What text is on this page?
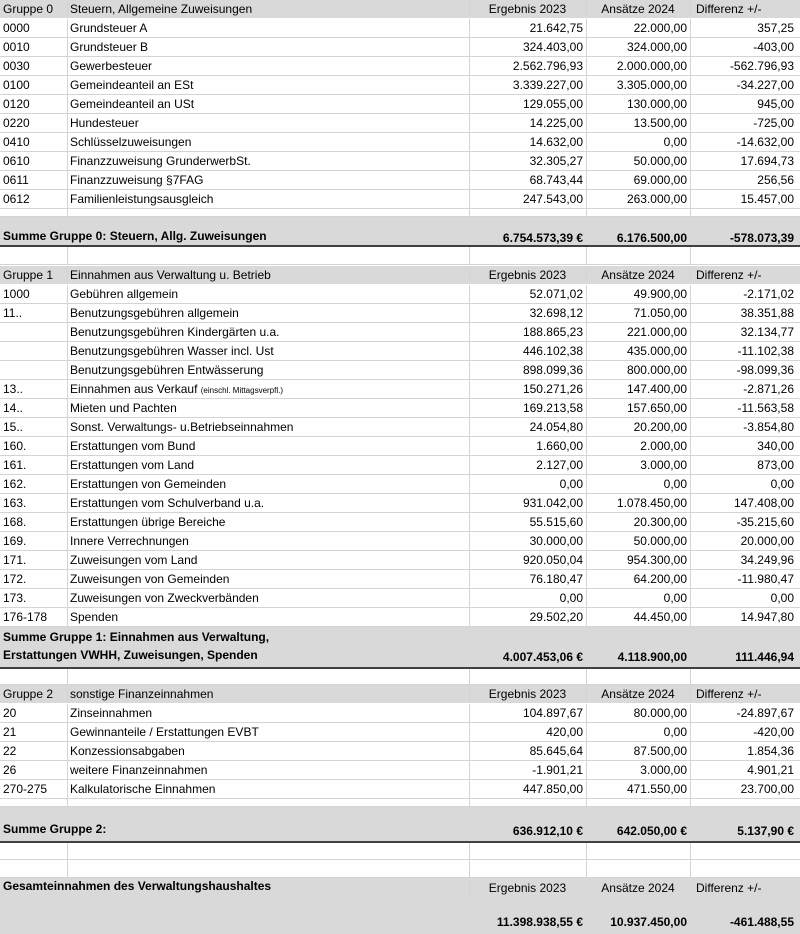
Gruppe 0	Steuern, Allgemeine Zuweisungen	Ergebnis 2023	Ansätze 2024	Differenz +/-
0000	Grundsteuer A	21.642,75	22.000,00	357,25
0010	Grundsteuer B	324.403,00	324.000,00	-403,00
0030	Gewerbesteuer	2.562.796,93	2.000.000,00	-562.796,93
0100	Gemeindeanteil an ESt	3.339.227,00	3.305.000,00	-34.227,00
0120	Gemeindeanteil an USt	129.055,00	130.000,00	945,00
0220	Hundesteuer	14.225,00	13.500,00	-725,00
0410	Schlüsselzuweisungen	14.632,00	0,00	-14.632,00
0610	Finanzzuweisung GrunderwerbSt.	32.305,27	50.000,00	17.694,73
0611	Finanzzuweisung §7FAG	68.743,44	69.000,00	256,56
0612	Familienleistungsausgleich	247.543,00	263.000,00	15.457,00
Summe Gruppe 0: Steuern, Allg. Zuweisungen	6.754.573,39 €	6.176.500,00	-578.073,39
Gruppe 1	Einnahmen aus Verwaltung u. Betrieb	Ergebnis 2023	Ansätze 2024	Differenz +/-
1000	Gebühren allgemein	52.071,02	49.900,00	-2.171,02
11..	Benutzungsgebühren allgemein	32.698,12	71.050,00	38.351,88
Benutzungsgebühren Kindergärten u.a.	188.865,23	221.000,00	32.134,77
Benutzungsgebühren Wasser incl. Ust	446.102,38	435.000,00	-11.102,38
Benutzungsgebühren Entwässerung	898.099,36	800.000,00	-98.099,36
13..	Einnahmen aus Verkauf (einschl. Mittagsverpfl.)	150.271,26	147.400,00	-2.871,26
14..	Mieten und Pachten	169.213,58	157.650,00	-11.563,58
15..	Sonst. Verwaltungs- u.Betriebseinnahmen	24.054,80	20.200,00	-3.854,80
160.	Erstattungen vom Bund	1.660,00	2.000,00	340,00
161.	Erstattungen vom Land	2.127,00	3.000,00	873,00
162.	Erstattungen von Gemeinden	0,00	0,00	0,00
163.	Erstattungen vom Schulverband u.a.	931.042,00	1.078.450,00	147.408,00
168.	Erstattungen übrige Bereiche	55.515,60	20.300,00	-35.215,60
169.	Innere Verrechnungen	30.000,00	50.000,00	20.000,00
171.	Zuweisungen vom Land	920.050,04	954.300,00	34.249,96
172.	Zuweisungen von Gemeinden	76.180,47	64.200,00	-11.980,47
173.	Zuweisungen von Zweckverbänden	0,00	0,00	0,00
176-178	Spenden	29.502,20	44.450,00	14.947,80
Summe Gruppe 1: Einnahmen aus Verwaltung,
Erstattungen VWHH, Zuweisungen, Spenden	4.007.453,06 €	4.118.900,00	111.446,94
Gruppe 2	sonstige Finanzeinnahmen	Ergebnis 2023	Ansätze 2024	Differenz +/-
20	Zinseinnahmen	104.897,67	80.000,00	-24.897,67
21	Gewinnanteile / Erstattungen EVBT	420,00	0,00	-420,00
22	Konzessionsabgaben	85.645,64	87.500,00	1.854,36
26	weitere Finanzeinnahmen	-1.901,21	3.000,00	4.901,21
270-275	Kalkulatorische Einnahmen	447.850,00	471.550,00	23.700,00
Summe Gruppe 2:	636.912,10 €	642.050,00 €	5.137,90 €
Gesamteinnahmen des Verwaltungshaushaltes	Ergebnis 2023	Ansätze 2024	Differenz +/-
11.398.938,55 €	10.937.450,00	-461.488,55
